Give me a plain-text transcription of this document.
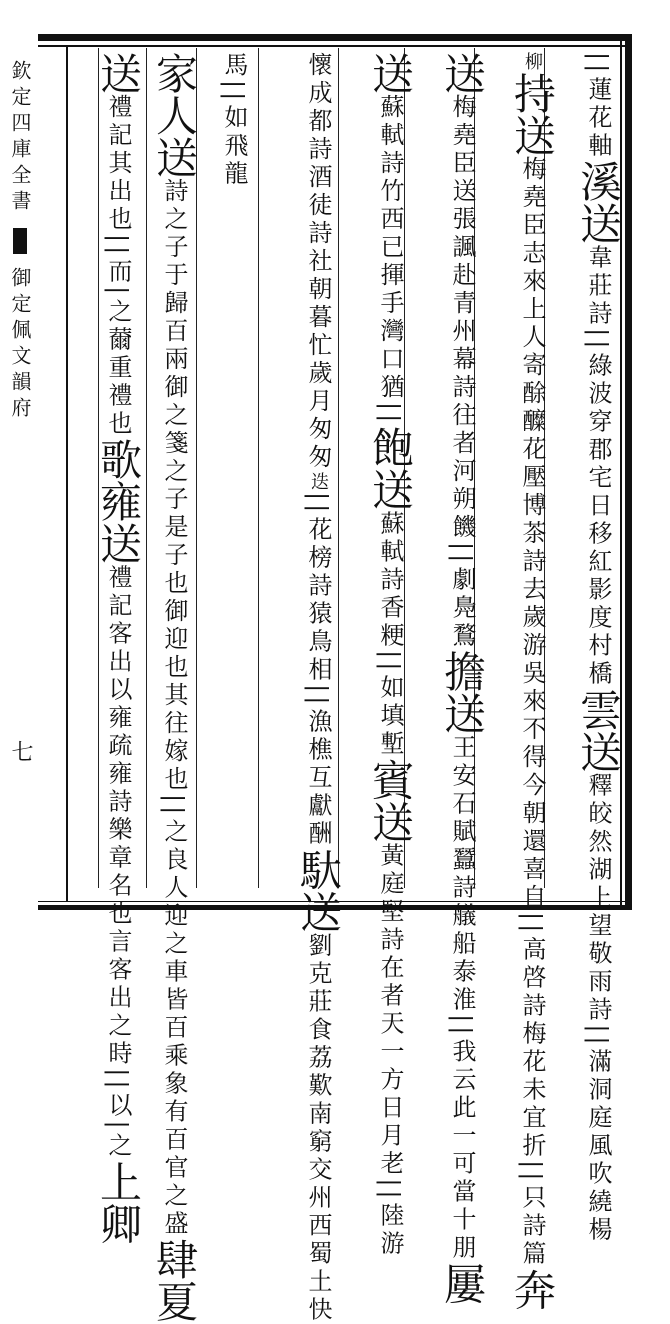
欽定四庫全書  御定佩文韻府
七
||蓮花軸溪送韋莊詩||綠波穿郡宅日移紅影度村橋雲送釋皎然湖上望敬雨詩||滿洞庭風吹繞楊
柳持送梅堯臣志來上人寄酴醾花壓博茶詩去歲游吳來不得今朝還喜自||高啓詩梅花未宜折||只詩篇奔
送梅堯臣送張諷赴青州幕詩往者河朔饑||劇鳧鶩擔送王安石賦蠶詩艤船泰淮||我云此一可當十朋屢
送蘇軾詩竹西已揮手灣口猶||飽送蘇軾詩香粳||如填塹賓送黃庭堅詩在者天一方日月老||陸游
懷成都詩酒徒詩社朝暮忙歲月匆匆迭||花榜詩猿鳥相||漁樵互獻酬馱送劉克莊食荔歎南窮交州西蜀土快
馬||如飛龍
家人送詩之子于歸百兩御之箋之子是子也御迎也其往嫁也||之良人迎之車皆百乘象有百官之盛肆夏
送禮記其出也||而|之薾重禮也歌雍送禮記客出以雍疏雍詩樂章名也言客出之時||以|之上卿
